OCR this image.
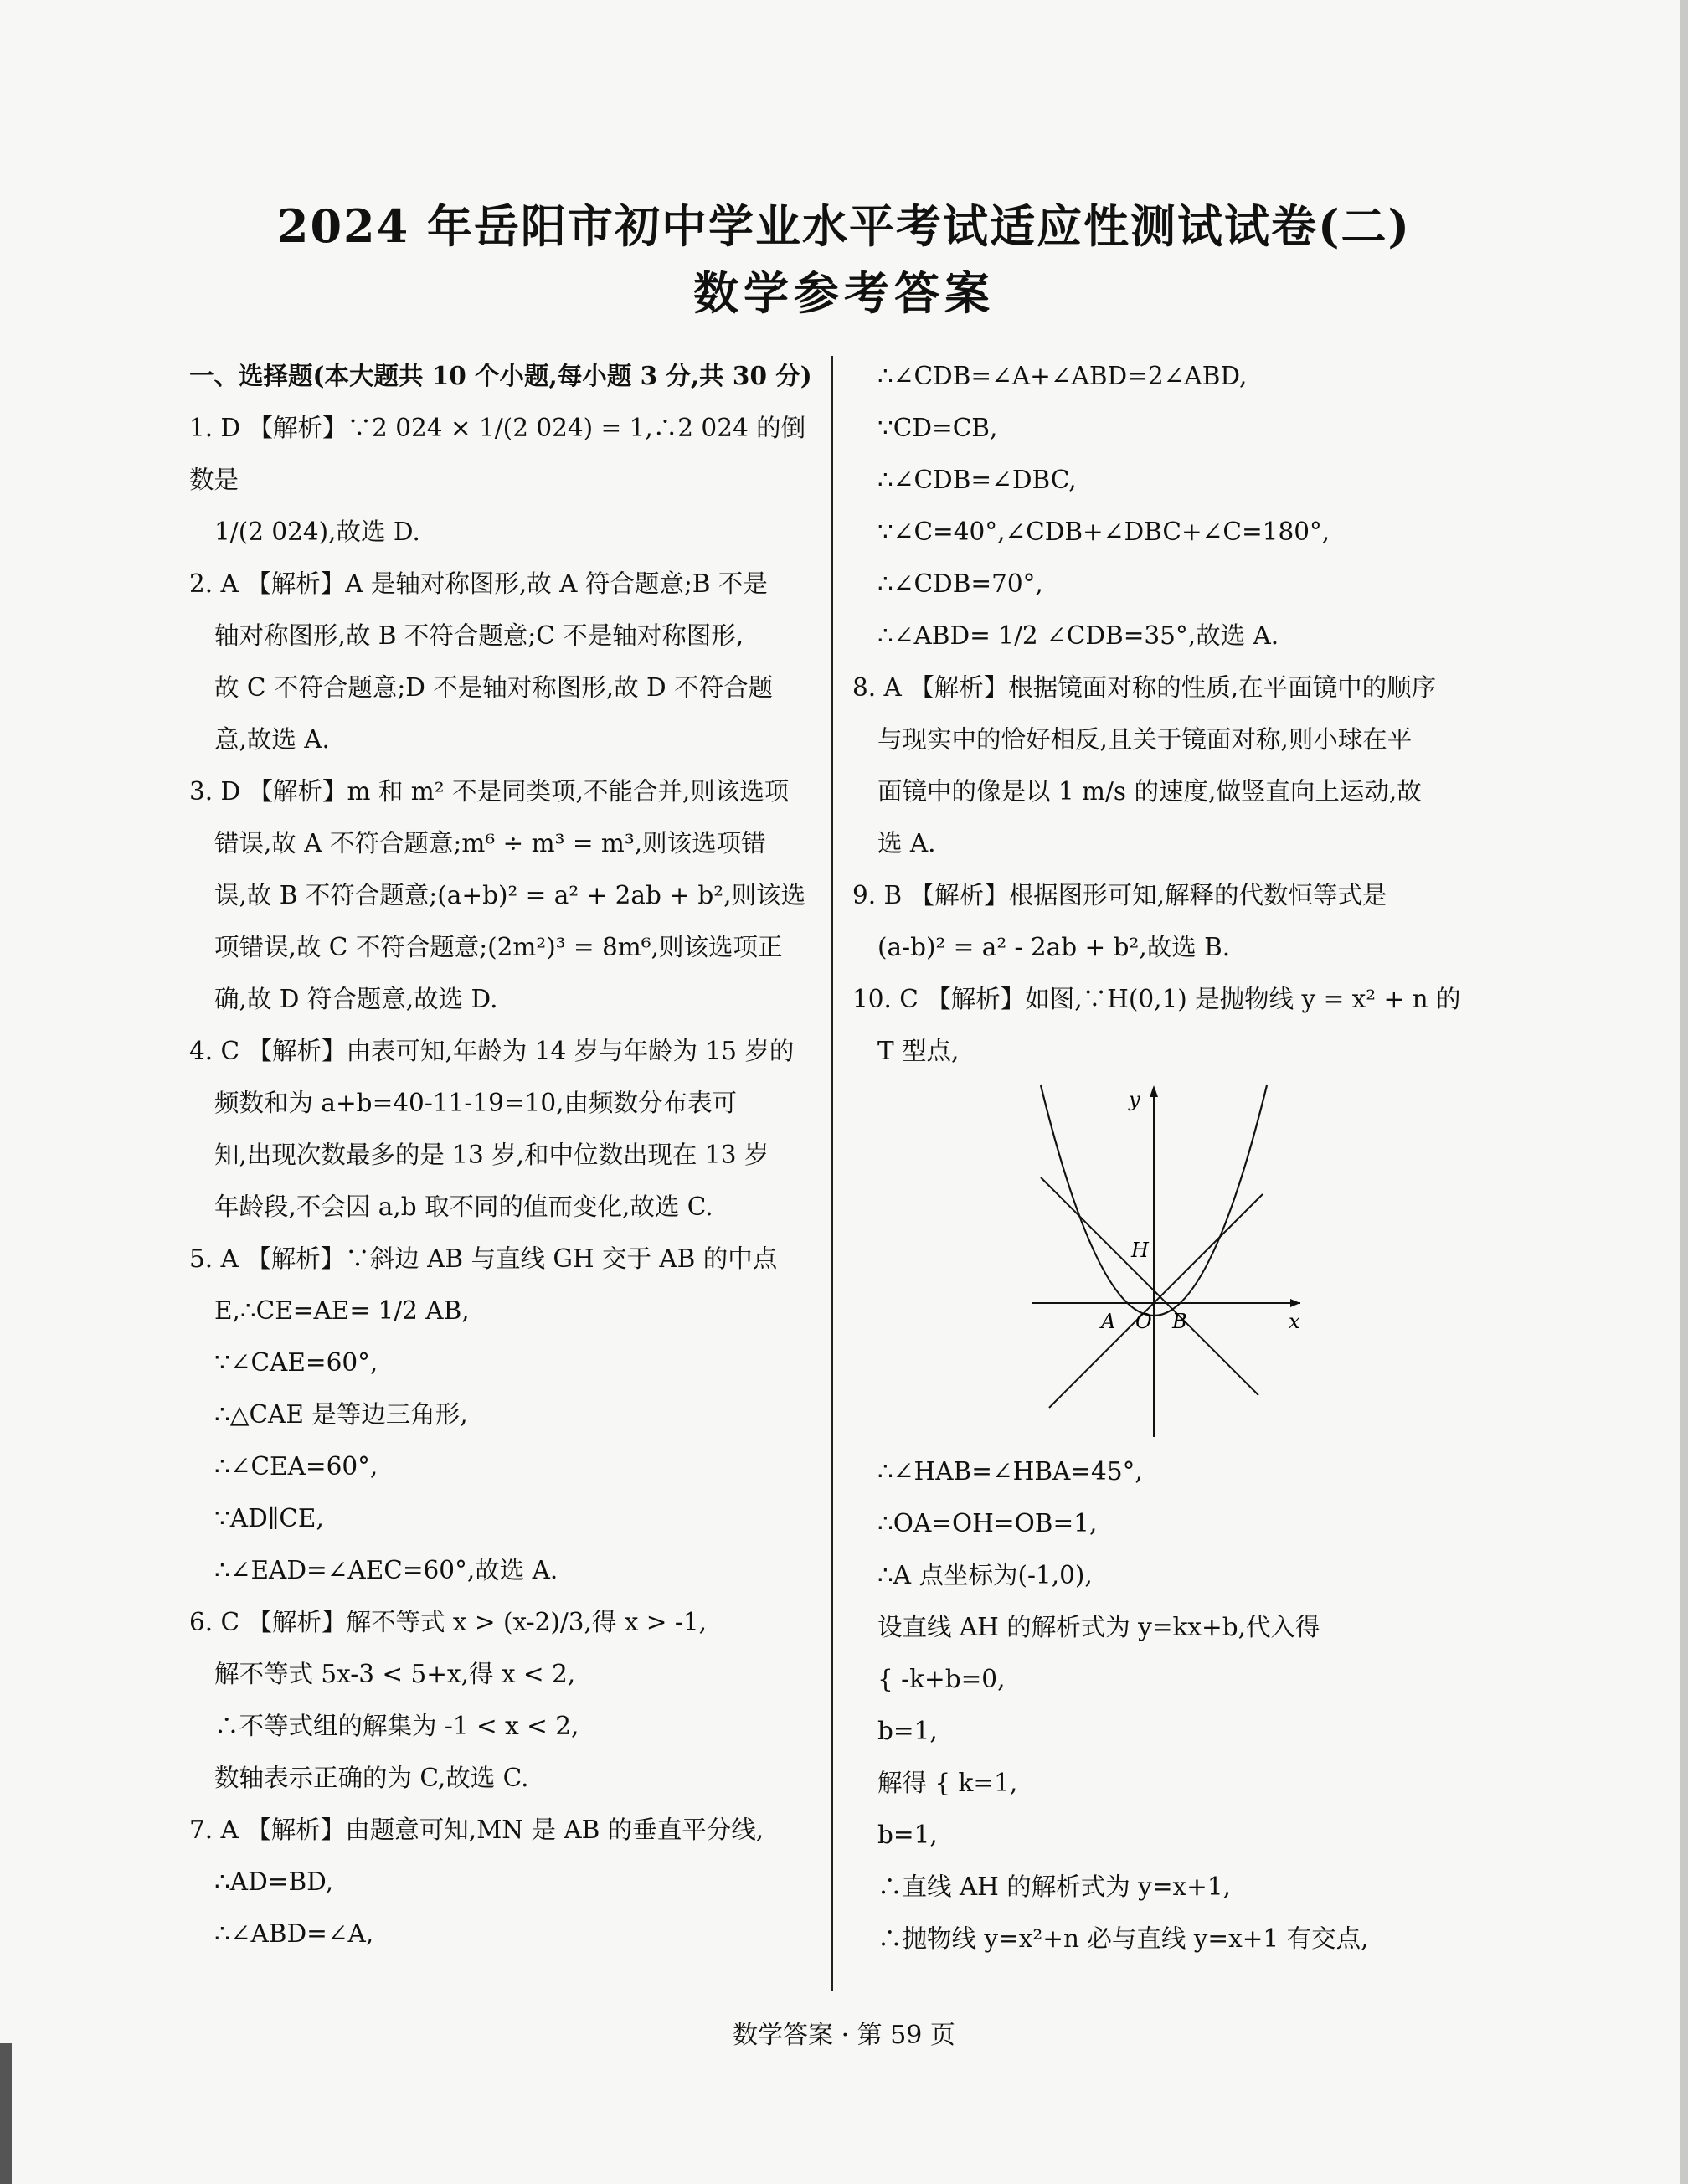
2024 年岳阳市初中学业水平考试适应性测试试卷(二)
数学参考答案

一、选择题(本大题共 10 个小题,每小题 3 分,共 30 分)

1. D 【解析】∵2 024 × 1/(2 024) = 1,∴2 024 的倒数是

1/(2 024),故选 D.

2. A 【解析】A 是轴对称图形,故 A 符合题意;B 不是

轴对称图形,故 B 不符合题意;C 不是轴对称图形,

故 C 不符合题意;D 不是轴对称图形,故 D 不符合题

意,故选 A.

3. D 【解析】m 和 m² 不是同类项,不能合并,则该选项

错误,故 A 不符合题意;m⁶ ÷ m³ = m³,则该选项错

误,故 B 不符合题意;(a+b)² = a² + 2ab + b²,则该选

项错误,故 C 不符合题意;(2m²)³ = 8m⁶,则该选项正

确,故 D 符合题意,故选 D.

4. C 【解析】由表可知,年龄为 14 岁与年龄为 15 岁的

频数和为 a+b=40-11-19=10,由频数分布表可

知,出现次数最多的是 13 岁,和中位数出现在 13 岁

年龄段,不会因 a,b 取不同的值而变化,故选 C.

5. A 【解析】∵斜边 AB 与直线 GH 交于 AB 的中点

E,∴CE=AE= 1/2 AB,

∵∠CAE=60°,

∴△CAE 是等边三角形,

∴∠CEA=60°,

∵AD∥CE,

∴∠EAD=∠AEC=60°,故选 A.

6. C 【解析】解不等式 x > (x-2)/3,得 x > -1,

解不等式 5x-3 < 5+x,得 x < 2,

∴不等式组的解集为 -1 < x < 2,

数轴表示正确的为 C,故选 C.

7. A 【解析】由题意可知,MN 是 AB 的垂直平分线,

∴AD=BD,

∴∠ABD=∠A,

∴∠CDB=∠A+∠ABD=2∠ABD,

∵CD=CB,

∴∠CDB=∠DBC,

∵∠C=40°,∠CDB+∠DBC+∠C=180°,

∴∠CDB=70°,

∴∠ABD= 1/2 ∠CDB=35°,故选 A.

8. A 【解析】根据镜面对称的性质,在平面镜中的顺序

与现实中的恰好相反,且关于镜面对称,则小球在平

面镜中的像是以 1 m/s 的速度,做竖直向上运动,故

选 A.

9. B 【解析】根据图形可知,解释的代数恒等式是

(a-b)² = a² - 2ab + b²,故选 B.

10. C 【解析】如图,∵H(0,1) 是抛物线 y = x² + n 的

T 型点,

x
y
H
A O B

∴∠HAB=∠HBA=45°,

∴OA=OH=OB=1,

∴A 点坐标为(-1,0),

设直线 AH 的解析式为 y=kx+b,代入得

{ -k+b=0,

b=1,

解得 { k=1,

b=1,

∴直线 AH 的解析式为 y=x+1,

∴抛物线 y=x²+n 必与直线 y=x+1 有交点,

数学答案 · 第 59 页
